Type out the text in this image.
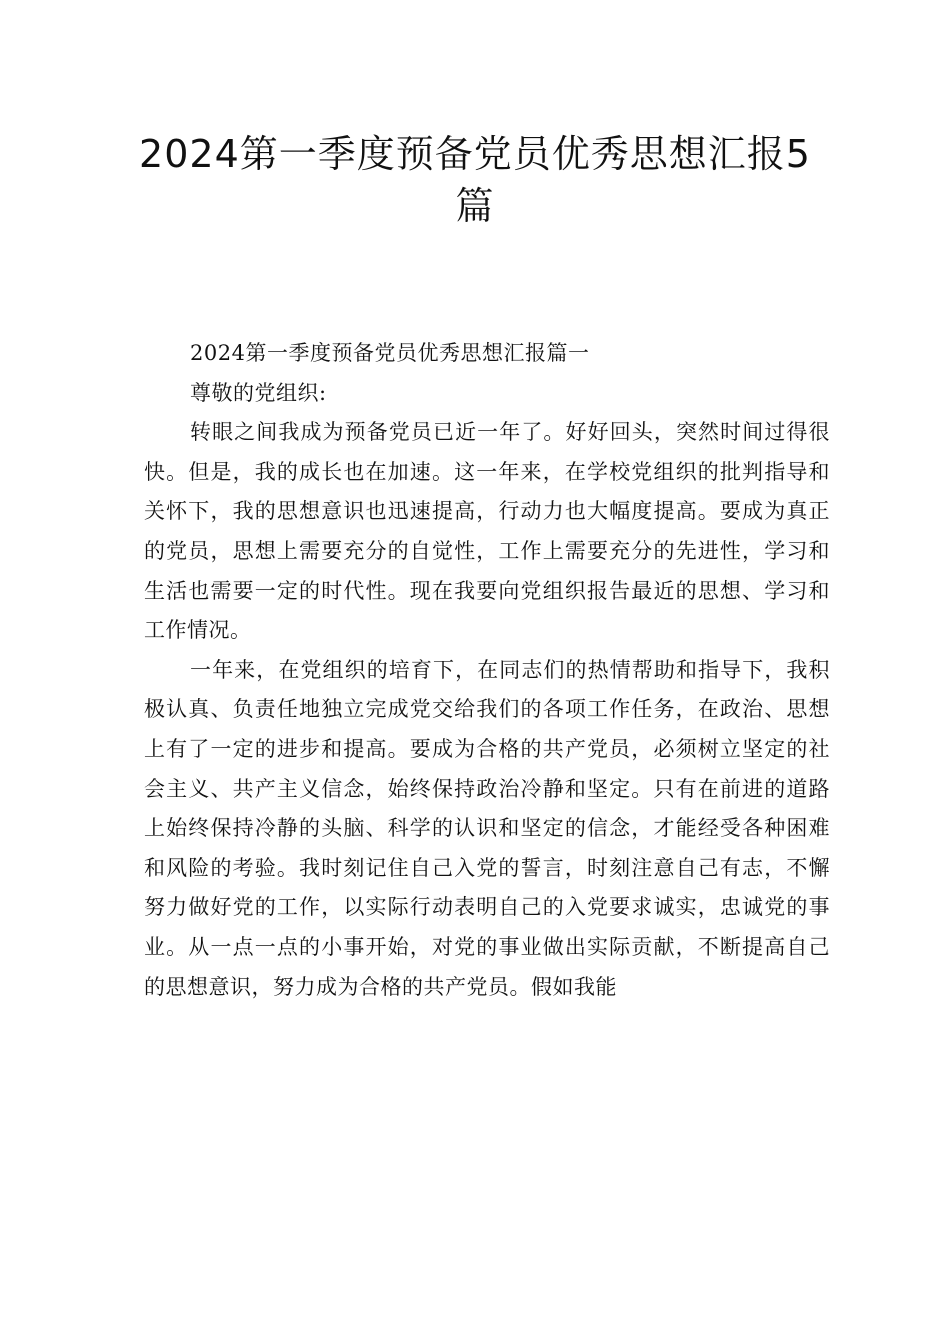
2024第一季度预备党员优秀思想汇报5篇
2024第一季度预备党员优秀思想汇报篇一

尊敬的党组织:

转眼之间我成为预备党员已近一年了。好好回头，突然时间过得很快。但是，我的成长也在加速。这一年来，在学校党组织的批判指导和关怀下，我的思想意识也迅速提高，行动力也大幅度提高。要成为真正的党员，思想上需要充分的自觉性，工作上需要充分的先进性，学习和生活也需要一定的时代性。现在我要向党组织报告最近的思想、学习和工作情况。

一年来，在党组织的培育下，在同志们的热情帮助和指导下，我积极认真、负责任地独立完成党交给我们的各项工作任务，在政治、思想上有了一定的进步和提高。要成为合格的共产党员，必须树立坚定的社会主义、共产主义信念，始终保持政治冷静和坚定。只有在前进的道路上始终保持冷静的头脑、科学的认识和坚定的信念，才能经受各种困难和风险的考验。我时刻记住自己入党的誓言，时刻注意自己有志，不懈努力做好党的工作，以实际行动表明自己的入党要求诚实，忠诚党的事业。从一点一点的小事开始，对党的事业做出实际贡献，不断提高自己的思想意识，努力成为合格的共产党员。假如我能
